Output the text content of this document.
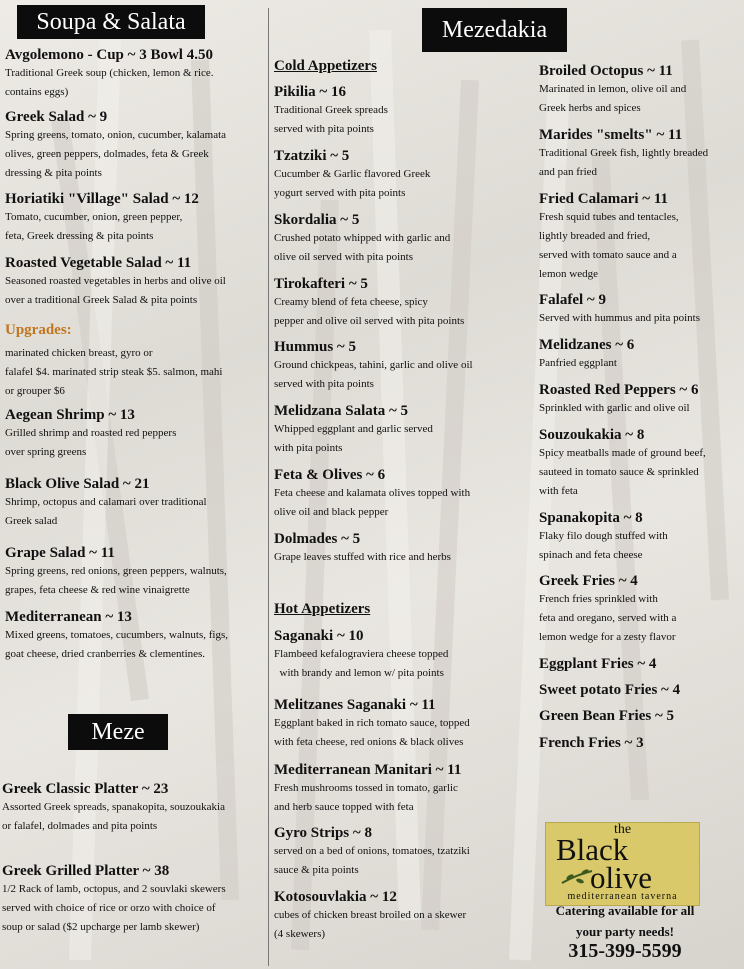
Soupa & Salata	Mezedakia
Meze
Avgolemono - Cup ~ 3 Bowl 4.50
Traditional Greek soup (chicken, lemon & rice.
contains eggs)
Greek Salad ~ 9
Spring greens, tomato, onion, cucumber, kalamata
olives, green peppers, dolmades, feta & Greek
dressing & pita points
Horiatiki "Village" Salad ~ 12
Tomato, cucumber, onion, green pepper,
feta, Greek dressing & pita points
Roasted Vegetable Salad ~ 11
Seasoned roasted vegetables in herbs and olive oil
over a traditional Greek Salad & pita points
Upgrades:
marinated chicken breast, gyro or
falafel $4. marinated strip steak $5. salmon, mahi
or grouper $6
Aegean Shrimp ~ 13
Grilled shrimp and roasted red peppers
over spring greens
Black Olive Salad ~ 21
Shrimp, octopus and calamari over traditional
Greek salad
Grape Salad ~ 11
Spring greens, red onions, green peppers, walnuts,
grapes, feta cheese & red wine vinaigrette
Mediterranean ~ 13
Mixed greens, tomatoes, cucumbers, walnuts, figs,
goat cheese, dried cranberries & clementines.
Greek Classic Platter ~ 23
Assorted Greek spreads, spanakopita, souzoukakia
or falafel, dolmades and pita points
Greek Grilled Platter ~ 38
1/2 Rack of lamb, octopus, and 2 souvlaki skewers
served with choice of rice or orzo with choice of
soup or salad ($2 upcharge per lamb skewer)
Cold Appetizers
Pikilia ~ 16
Traditional Greek spreads
served with pita points
Tzatziki ~ 5
Cucumber & Garlic flavored Greek
yogurt served with pita points
Skordalia ~ 5
Crushed potato whipped with garlic and
olive oil served with pita points
Tirokafteri ~ 5
Creamy blend of feta cheese, spicy
pepper and olive oil served with pita points
Hummus ~ 5
Ground chickpeas, tahini, garlic and olive oil
served with pita points
Melidzana Salata ~ 5
Whipped eggplant and garlic served
with pita points
Feta & Olives ~ 6
Feta cheese and kalamata olives topped with
olive oil and black pepper
Dolmades ~ 5
Grape leaves stuffed with rice and herbs
Hot Appetizers
Saganaki ~ 10
Flambeed kefalograviera cheese topped
with brandy and lemon w/ pita points
Melitzanes Saganaki ~ 11
Eggplant baked in rich tomato sauce, topped
with feta cheese, red onions & black olives
Mediterranean Manitari ~ 11
Fresh mushrooms tossed in tomato, garlic
and herb sauce topped with feta
Gyro Strips ~ 8
served on a bed of onions, tomatoes, tzatziki
sauce & pita points
Kotosouvlakia ~ 12
cubes of chicken breast broiled on a skewer
(4 skewers)
Broiled Octopus ~ 11
Marinated in lemon, olive oil and
Greek herbs and spices
Marides "smelts" ~ 11
Traditional Greek fish, lightly breaded
and pan fried
Fried Calamari ~ 11
Fresh squid tubes and tentacles,
lightly breaded and fried,
served with tomato sauce and a
lemon wedge
Falafel ~ 9
Served with hummus and pita points
Melidzanes ~ 6
Panfried eggplant
Roasted Red Peppers ~ 6
Sprinkled with garlic and olive oil
Souzoukakia ~ 8
Spicy meatballs made of ground beef,
sauteed in tomato sauce & sprinkled
with feta
Spanakopita ~ 8
Flaky filo dough stuffed with
spinach and feta cheese
Greek Fries ~ 4
French fries sprinkled with
feta and oregano, served with a
lemon wedge for a zesty flavor
Eggplant Fries ~ 4
Sweet potato Fries ~ 4
Green Bean Fries ~ 5
French Fries ~ 3
the
Black
olive
mediterranean taverna
Catering available for all
your party needs!
315-399-5599
